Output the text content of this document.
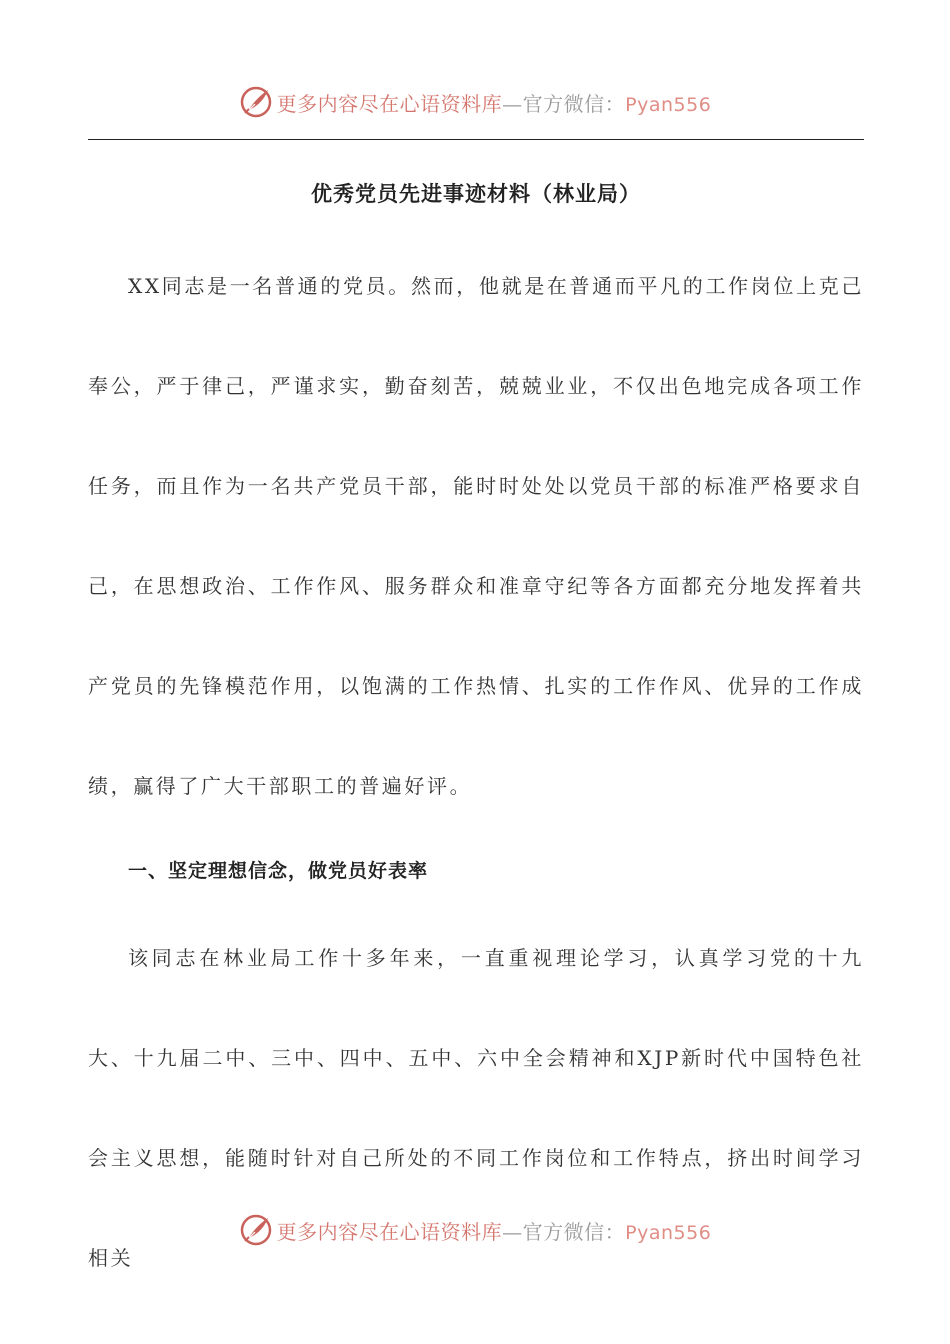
更多内容尽在心语资料库—官方微信：Pyan556
优秀党员先进事迹材料（林业局）

XX同志是一名普通的党员。然而，他就是在普通而平凡的工作岗位上克己奉公，严于律己，严谨求实，勤奋刻苦，兢兢业业，不仅出色地完成各项工作任务，而且作为一名共产党员干部，能时时处处以党员干部的标准严格要求自己，在思想政治、工作作风、服务群众和准章守纪等各方面都充分地发挥着共产党员的先锋模范作用，以饱满的工作热情、扎实的工作作风、优异的工作成绩，赢得了广大干部职工的普遍好评。

一、坚定理想信念，做党员好表率

该同志在林业局工作十多年来，一直重视理论学习，认真学习党的十九大、十九届二中、三中、四中、五中、六中全会精神和XJP新时代中国特色社会主义思想，能随时针对自己所处的不同工作岗位和工作特点，挤出时间学习相关

更多内容尽在心语资料库—官方微信：Pyan556
